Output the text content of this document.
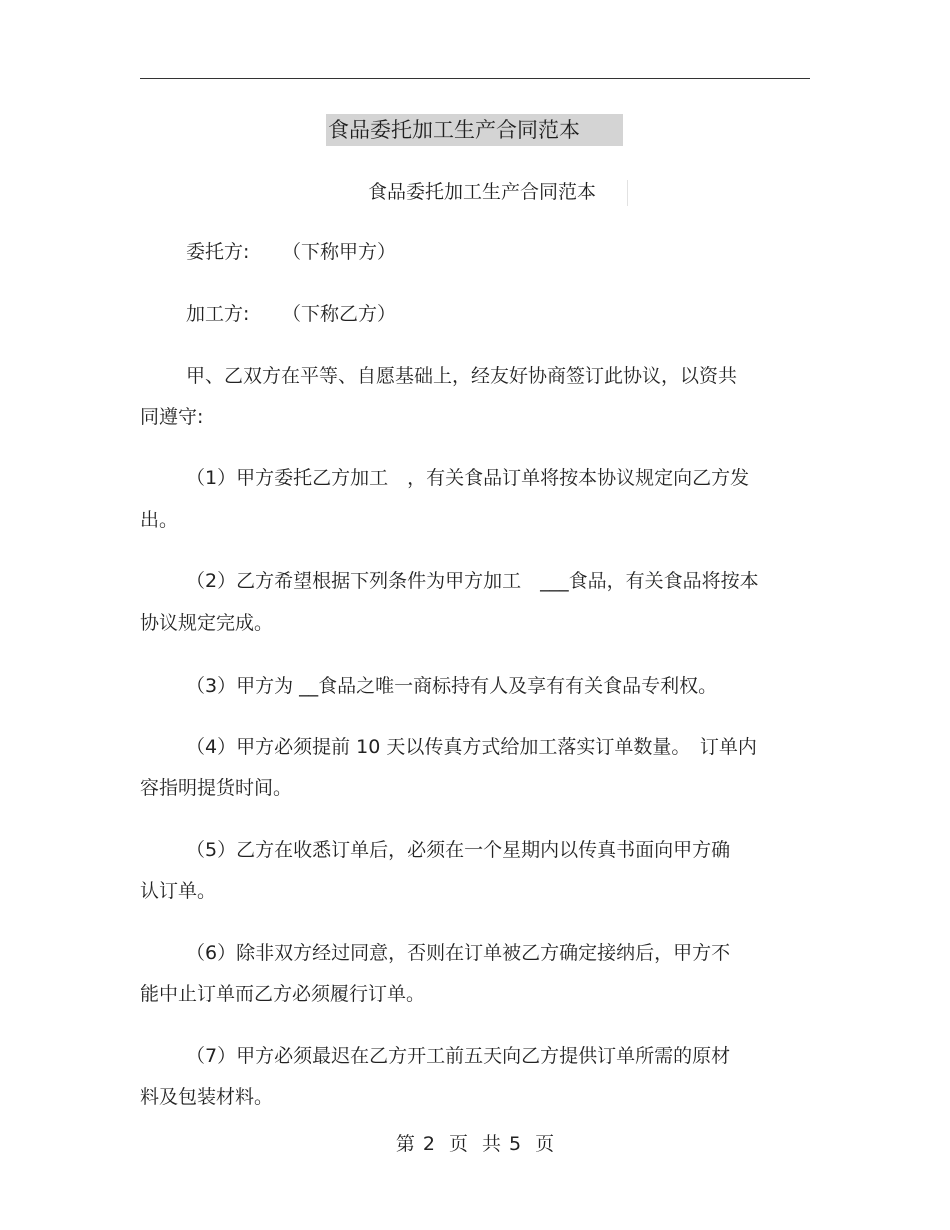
食品委托加工生产合同范本
食品委托加工生产合同范本
委托方: （下称甲方）
加工方: （下称乙方）
甲、乙双方在平等、自愿基础上，经友好协商签订此协议，以资共
同遵守:
（1）甲方委托乙方加工　，有关食品订单将按本协议规定向乙方发
出。
（2）乙方希望根据下列条件为甲方加工　___食品，有关食品将按本
协议规定完成。
（3）甲方为 __食品之唯一商标持有人及享有有关食品专利权。
（4）甲方必须提前 10 天以传真方式给加工落实订单数量。　订单内
容指明提货时间。
（5）乙方在收悉订单后，必须在一个星期内以传真书面向甲方确
认订单。
（6）除非双方经过同意，否则在订单被乙方确定接纳后，甲方不
能中止订单而乙方必须履行订单。
（7）甲方必须最迟在乙方开工前五天向乙方提供订单所需的原材
料及包装材料。
第 2 页 共 5 页
